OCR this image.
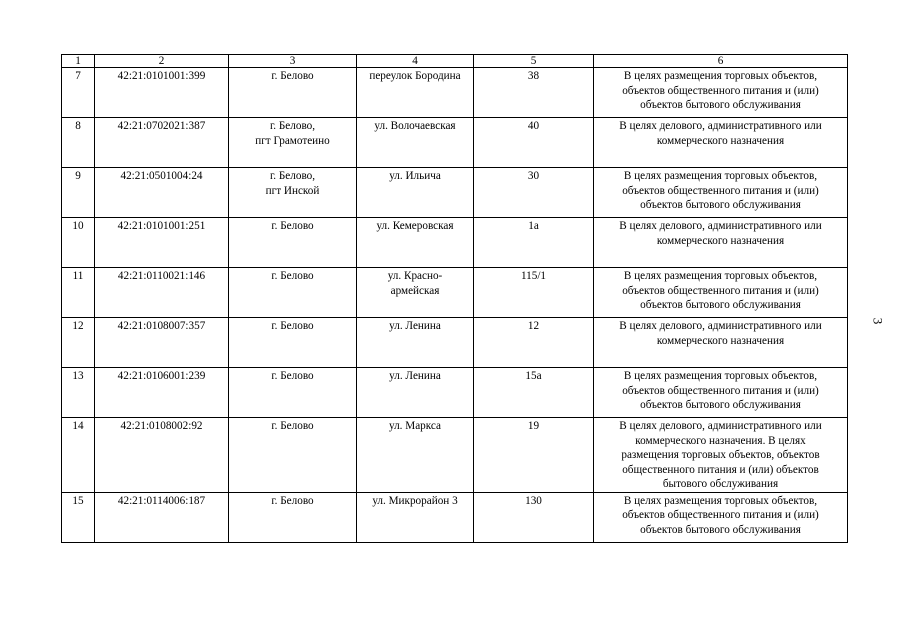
1	2	3	4	5	6
7	42:21:0101001:399	г. Белово	переулок Бородина	38	В целях размещения торговых объектов,
объектов общественного питания и (или)
объектов бытового обслуживания
8	42:21:0702021:387	г. Белово,
пгт Грамотеино	ул. Волочаевская	40	В целях делового, административного или
коммерческого назначения
9	42:21:0501004:24	г. Белово,
пгт Инской	ул. Ильича	30	В целях размещения торговых объектов,
объектов общественного питания и (или)
объектов бытового обслуживания
10	42:21:0101001:251	г. Белово	ул. Кемеровская	1а	В целях делового, административного или
коммерческого назначения
11	42:21:0110021:146	г. Белово	ул. Красно-
армейская	115/1	В целях размещения торговых объектов,
объектов общественного питания и (или)
объектов бытового обслуживания
12	42:21:0108007:357	г. Белово	ул. Ленина	12	В целях делового, административного или
коммерческого назначения
13	42:21:0106001:239	г. Белово	ул. Ленина	15а	В целях размещения торговых объектов,
объектов общественного питания и (или)
объектов бытового обслуживания
14	42:21:0108002:92	г. Белово	ул. Маркса	19	В целях делового, административного или
коммерческого назначения. В целях
размещения торговых объектов, объектов
общественного питания и (или) объектов
бытового обслуживания
15	42:21:0114006:187	г. Белово	ул. Микрорайон 3	130	В целях размещения торговых объектов,
объектов общественного питания и (или)
объектов бытового обслуживания
3
